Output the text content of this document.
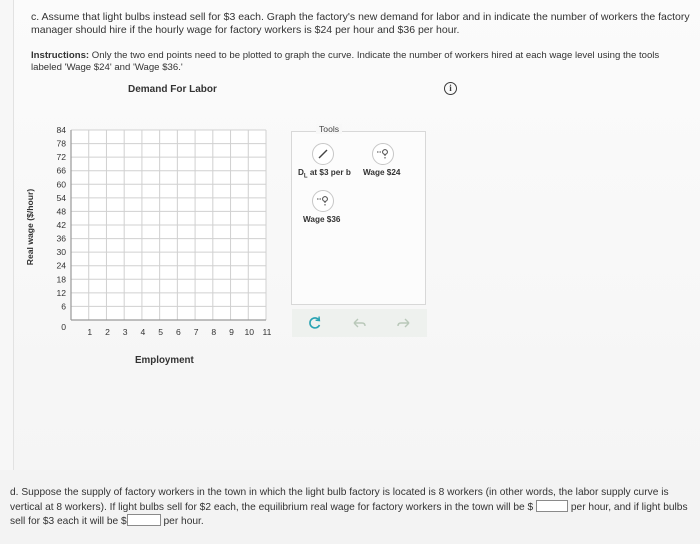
c. Assume that light bulbs instead sell for $3 each. Graph the factory's new demand for labor and in indicate the number of workers the factory manager should hire if the hourly wage for factory workers is $24 per hour and $36 per hour.
Instructions: Only the two end points need to be plotted to graph the curve. Indicate the number of workers hired at each wage level using the tools labeled 'Wage $24' and 'Wage $36.'
Demand For Labor	i
Real wage ($/hour)
Employment
6
12
18
24
30
36
42
48
54
60
66
72
78
84
0 1 2 3 4 5 6 7 8 9 10 11
Tools
$D_L$ at $3 per b Wage $24
Wage $36
d. Suppose the supply of factory workers in the town in which the light bulb factory is located is 8 workers (in other words, the labor supply curve is vertical at 8 workers). If light bulbs sell for $2 each, the equilibrium real wage for factory workers in the town will be $	per hour, and if light bulbs sell for $3 each it will be $	per hour.
